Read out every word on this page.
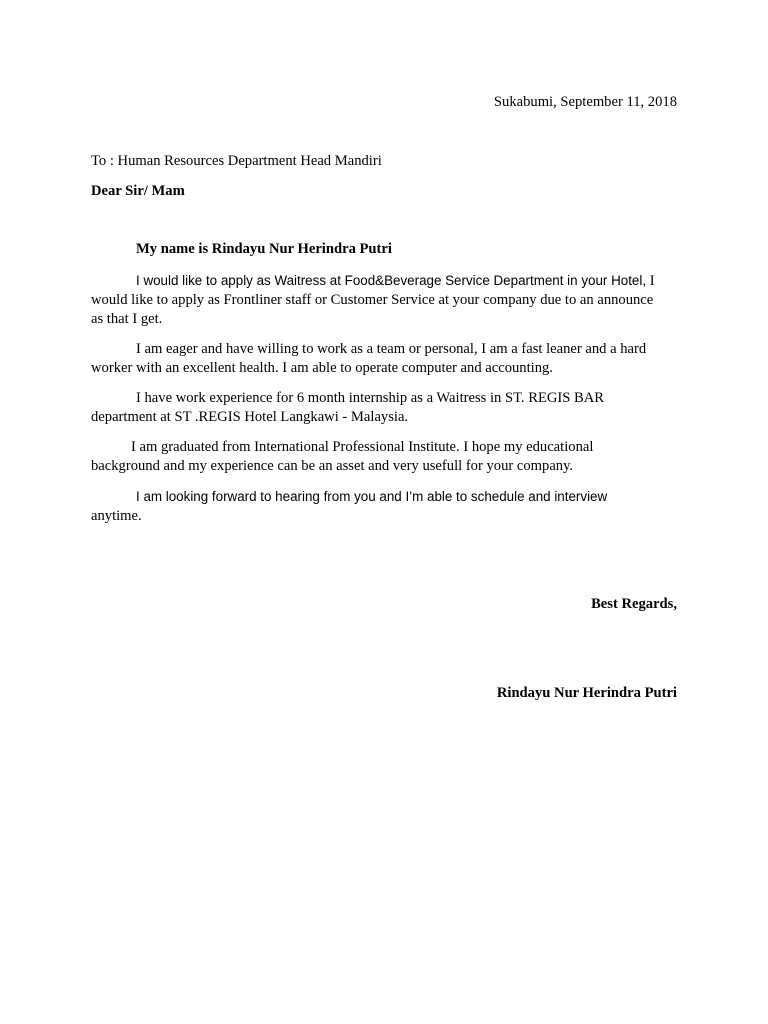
Sukabumi, September 11, 2018
To : Human Resources Department Head Mandiri
Dear Sir/ Mam
My name is Rindayu Nur Herindra Putri

I would like to apply as Waitress at Food&Beverage Service Department in your Hotel, I

would like to apply as Frontliner staff or Customer Service at your company due to an announce

as that I get.

I am eager and have willing to work as a team or personal, I am a fast leaner and a hard

worker with an excellent health. I am able to operate computer and accounting.

I have work experience for 6 month internship as a Waitress in ST. REGIS BAR

department at ST .REGIS Hotel Langkawi - Malaysia.

I am graduated from International Professional Institute. I hope my educational

background and my experience can be an asset and very usefull for your company.

I am looking forward to hearing from you and I’m able to schedule and interview

anytime.

Best Regards,
Rindayu Nur Herindra Putri
